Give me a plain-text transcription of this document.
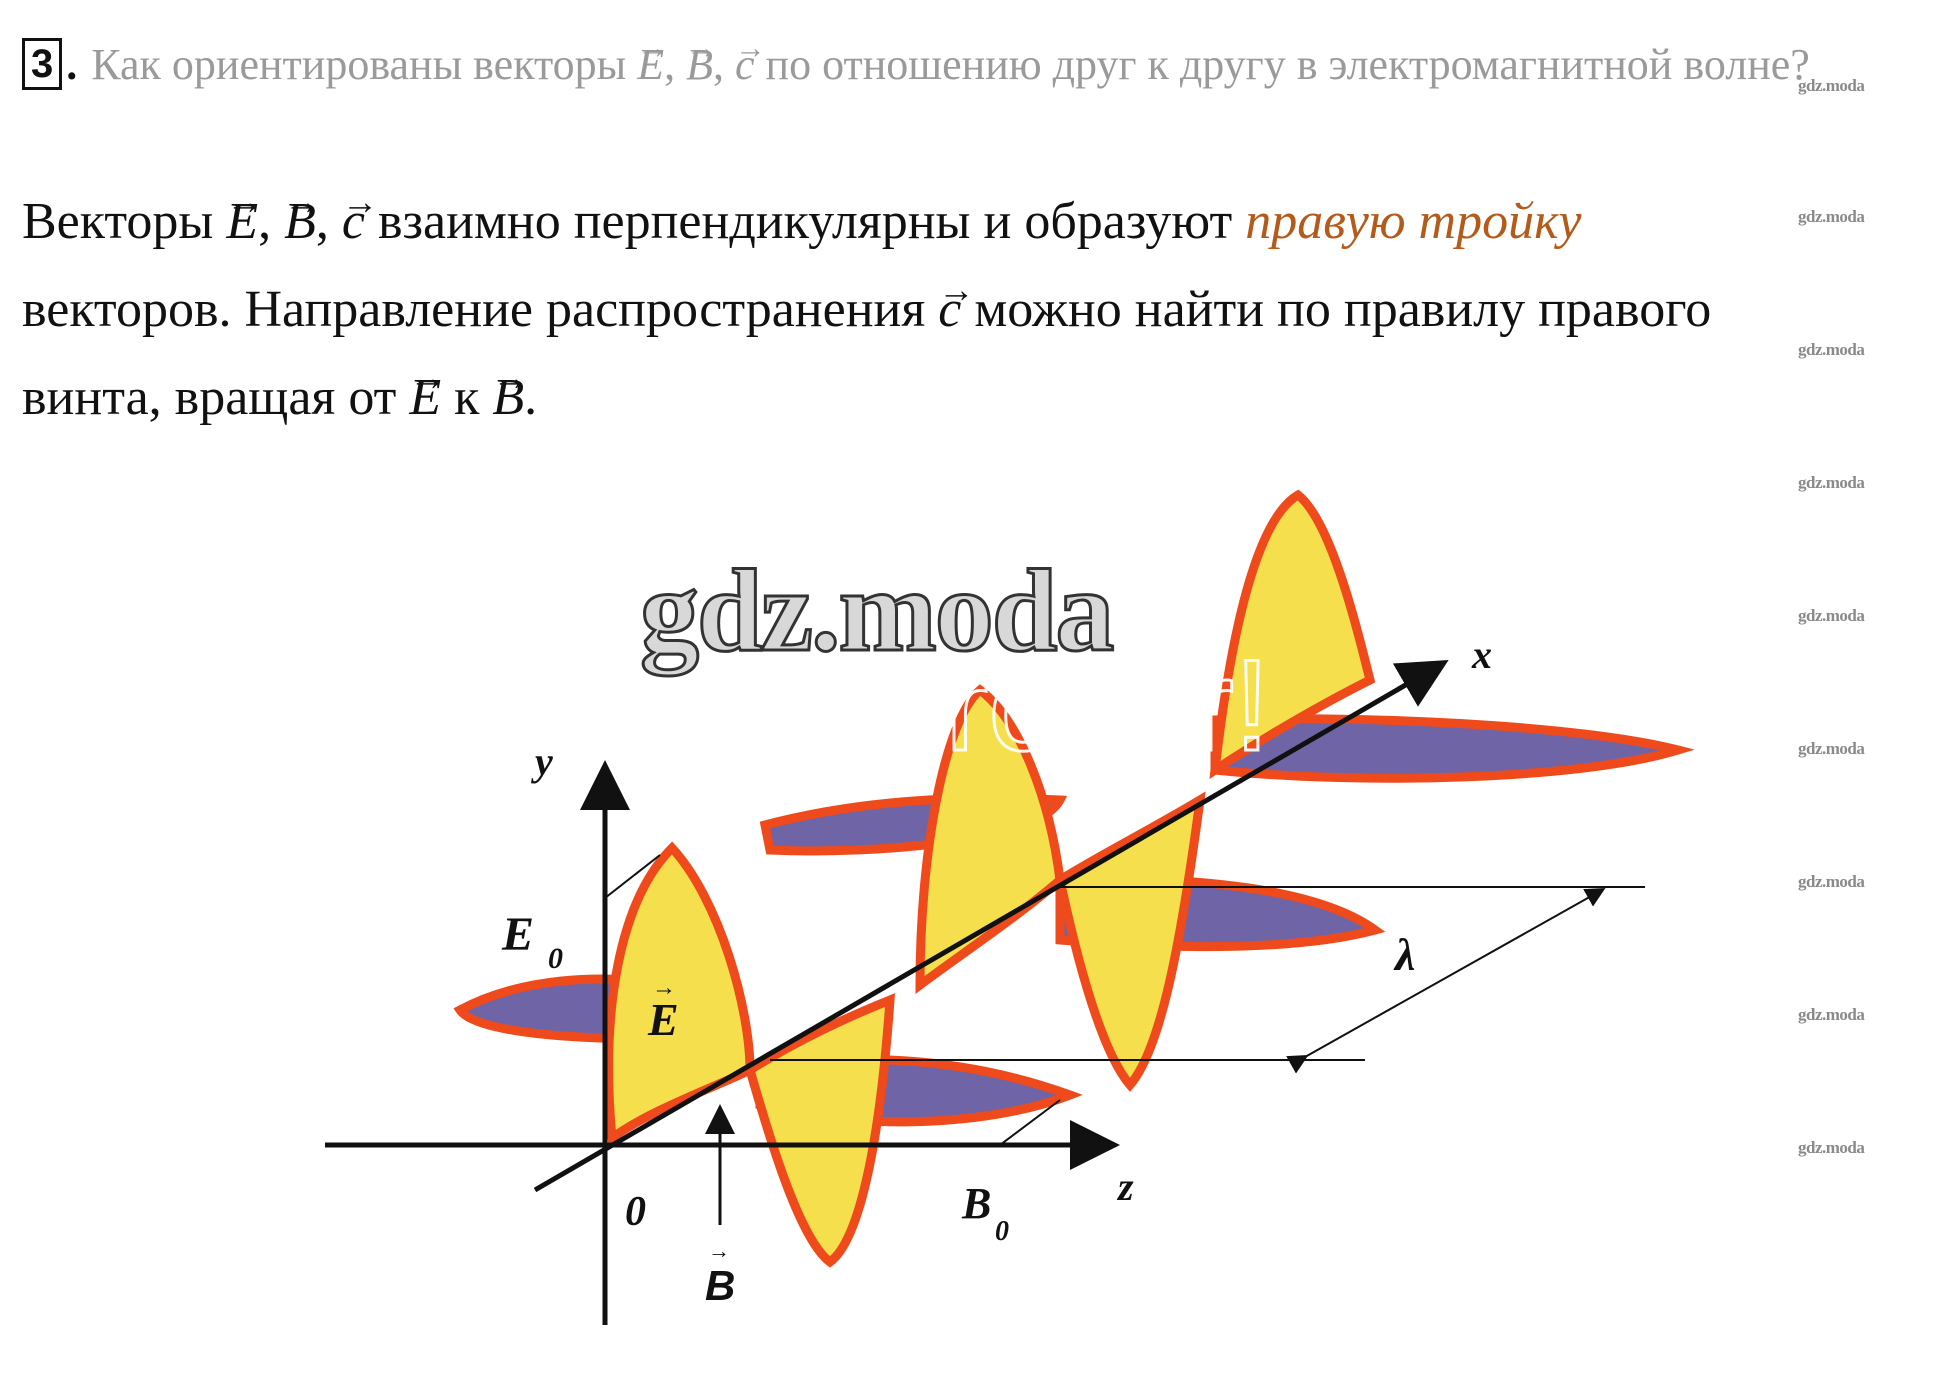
3 . Как ориентированы векторы → E, → B, → c по отношению друг к другу в электромагнитной волне?
Векторы → E, → B, → c взаимно перпендикулярны и образуют правую тройку
векторов. Направление распространения → c можно найти по правилу правого
винта, вращая от → E к → B.
gdz.moda
gdz.moda
gdz.moda
gdz.moda
gdz.moda
gdz.moda
gdz.moda
gdz.moda
gdz.moda
y
x
z
0
E 0
B
0
E
→
B
→
λ
rc Or!
gdz.moda
